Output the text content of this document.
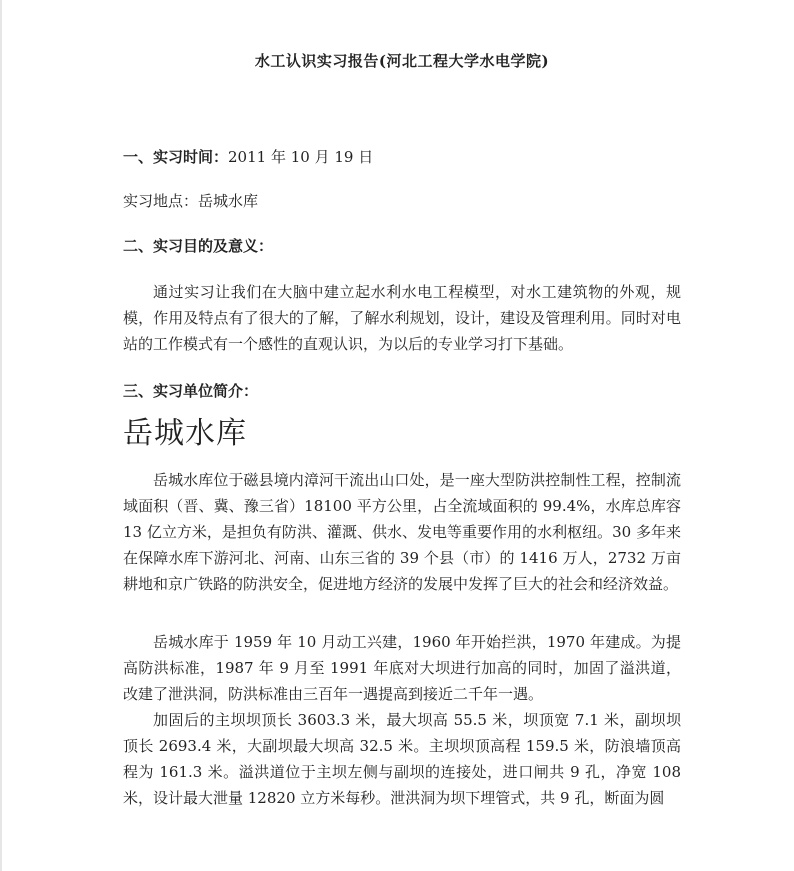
水工认识实习报告(河北工程大学水电学院)
一、实习时间：2011 年 10 月 19 日
实习地点：岳城水库
二、实习目的及意义：
通过实习让我们在大脑中建立起水利水电工程模型，对水工建筑物的外观，规模，作用及特点有了很大的了解，了解水利规划，设计，建设及管理利用。同时对电站的工作模式有一个感性的直观认识，为以后的专业学习打下基础。
三、实习单位简介：
岳城水库
岳城水库位于磁县境内漳河干流出山口处，是一座大型防洪控制性工程，控制流域面积（晋、冀、豫三省）18100 平方公里，占全流域面积的 99.4%，水库总库容 13 亿立方米，是担负有防洪、灌溉、供水、发电等重要作用的水利枢纽。30 多年来在保障水库下游河北、河南、山东三省的 39 个县（市）的 1416 万人，2732 万亩耕地和京广铁路的防洪安全，促进地方经济的发展中发挥了巨大的社会和经济效益。
岳城水库于 1959 年 10 月动工兴建，1960 年开始拦洪，1970 年建成。为提高防洪标准，1987 年 9 月至 1991 年底对大坝进行加高的同时，加固了溢洪道，改建了泄洪洞，防洪标准由三百年一遇提高到接近二千年一遇。
加固后的主坝坝顶长 3603.3 米，最大坝高 55.5 米，坝顶宽 7.1 米，副坝坝顶长 2693.4 米，大副坝最大坝高 32.5 米。主坝坝顶高程 159.5 米，防浪墙顶高程为 161.3 米。溢洪道位于主坝左侧与副坝的连接处，进口闸共 9 孔，净宽 108 米，设计最大泄量 12820 立方米每秒。泄洪洞为坝下埋管式，共 9 孔，断面为圆
